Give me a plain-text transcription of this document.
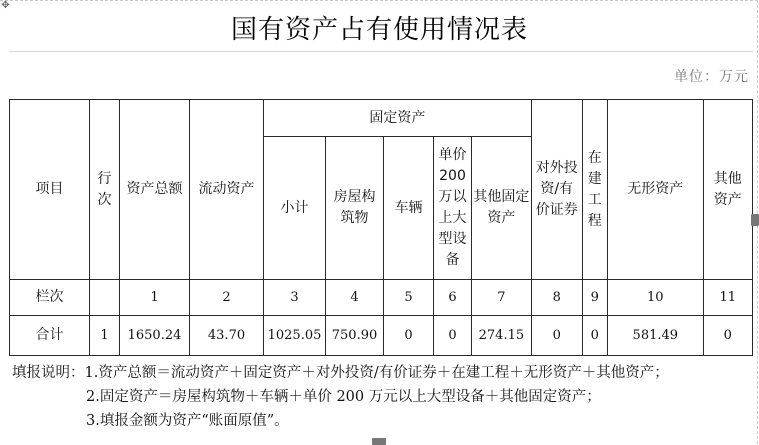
✥
国有资产占有使用情况表
单位：万元
项目	行次	资产总额	流动资产	固定资产					对外投资/有价证券	在建工程	无形资产	其他资产
				小计	房屋构筑物	车辆	单价200万以上大型设备	其他固定资产				
栏次		1	2	3	4	5	6	7	8	9	10	11
合计	1	1650.24	43.70	1025.05	750.90	0	0	274.15	0	0	581.49	0
填报说明：1.资产总额＝流动资产＋固定资产＋对外投资/有价证券＋在建工程＋无形资产＋其他资产；
2.固定资产＝房屋构筑物＋车辆＋单价 200 万元以上大型设备＋其他固定资产；
3.填报金额为资产“账面原值”。
